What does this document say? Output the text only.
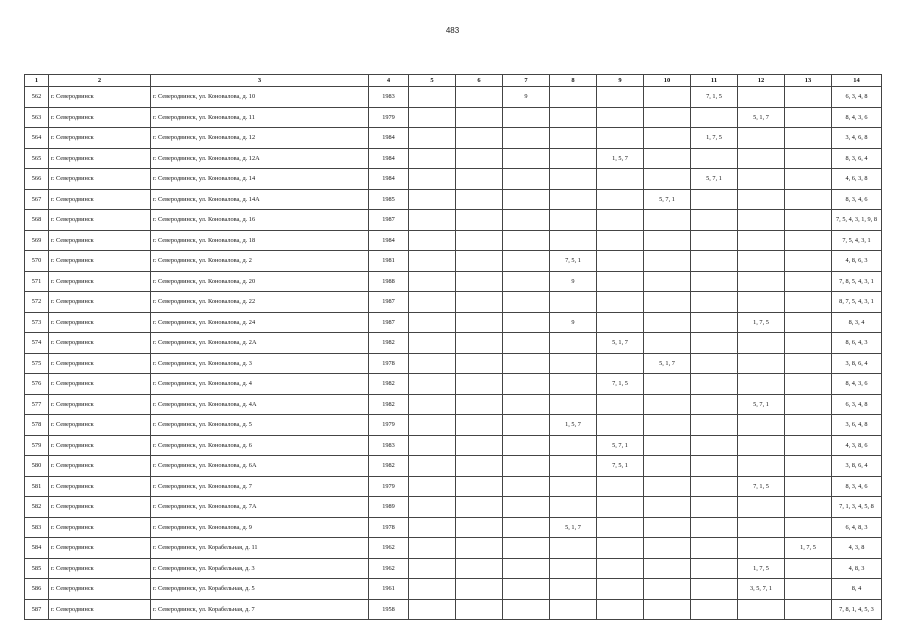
483
1	2	3	4	5	6	7	8	9	10	11	12	13	14
562	г. Северодвинск	г. Северодвинск, ул. Коновалова, д. 10	1983			9				7, 1, 5			6, 3, 4, 8
563	г. Северодвинск	г. Северодвинск, ул. Коновалова, д. 11	1979								5, 1, 7		8, 4, 3, 6
564	г. Северодвинск	г. Северодвинск, ул. Коновалова, д. 12	1984							1, 7, 5			3, 4, 6, 8
565	г. Северодвинск	г. Северодвинск, ул. Коновалова, д. 12А	1984					1, 5, 7					8, 3, 6, 4
566	г. Северодвинск	г. Северодвинск, ул. Коновалова, д. 14	1984							5, 7, 1			4, 6, 3, 8
567	г. Северодвинск	г. Северодвинск, ул. Коновалова, д. 14А	1985						5, 7, 1				8, 3, 4, 6
568	г. Северодвинск	г. Северодвинск, ул. Коновалова, д. 16	1987										7, 5, 4, 3, 1, 9, 8
569	г. Северодвинск	г. Северодвинск, ул. Коновалова, д. 18	1984										7, 5, 4, 3, 1
570	г. Северодвинск	г. Северодвинск, ул. Коновалова, д. 2	1981				7, 5, 1						4, 8, 6, 3
571	г. Северодвинск	г. Северодвинск, ул. Коновалова, д. 20	1988				9						7, 8, 5, 4, 3, 1
572	г. Северодвинск	г. Северодвинск, ул. Коновалова, д. 22	1987										8, 7, 5, 4, 3, 1
573	г. Северодвинск	г. Северодвинск, ул. Коновалова, д. 24	1987				9				1, 7, 5		8, 3, 4
574	г. Северодвинск	г. Северодвинск, ул. Коновалова, д. 2А	1982					5, 1, 7					8, 6, 4, 3
575	г. Северодвинск	г. Северодвинск, ул. Коновалова, д. 3	1978						5, 1, 7				3, 8, 6, 4
576	г. Северодвинск	г. Северодвинск, ул. Коновалова, д. 4	1982					7, 1, 5					8, 4, 3, 6
577	г. Северодвинск	г. Северодвинск, ул. Коновалова, д. 4А	1982								5, 7, 1		6, 3, 4, 8
578	г. Северодвинск	г. Северодвинск, ул. Коновалова, д. 5	1979				1, 5, 7						3, 6, 4, 8
579	г. Северодвинск	г. Северодвинск, ул. Коновалова, д. 6	1983					5, 7, 1					4, 3, 8, 6
580	г. Северодвинск	г. Северодвинск, ул. Коновалова, д. 6А	1982					7, 5, 1					3, 8, 6, 4
581	г. Северодвинск	г. Северодвинск, ул. Коновалова, д. 7	1979								7, 1, 5		8, 3, 4, 6
582	г. Северодвинск	г. Северодвинск, ул. Коновалова, д. 7А	1989										7, 1, 3, 4, 5, 8
583	г. Северодвинск	г. Северодвинск, ул. Коновалова, д. 9	1978				5, 1, 7						6, 4, 8, 3
584	г. Северодвинск	г. Северодвинск, ул. Корабельная, д. 11	1962									1, 7, 5	4, 3, 8
585	г. Северодвинск	г. Северодвинск, ул. Корабельная, д. 3	1962								1, 7, 5		4, 8, 3
586	г. Северодвинск	г. Северодвинск, ул. Корабельная, д. 5	1961								3, 5, 7, 1		8, 4
587	г. Северодвинск	г. Северодвинск, ул. Корабельная, д. 7	1958										7, 8, 1, 4, 5, 3
